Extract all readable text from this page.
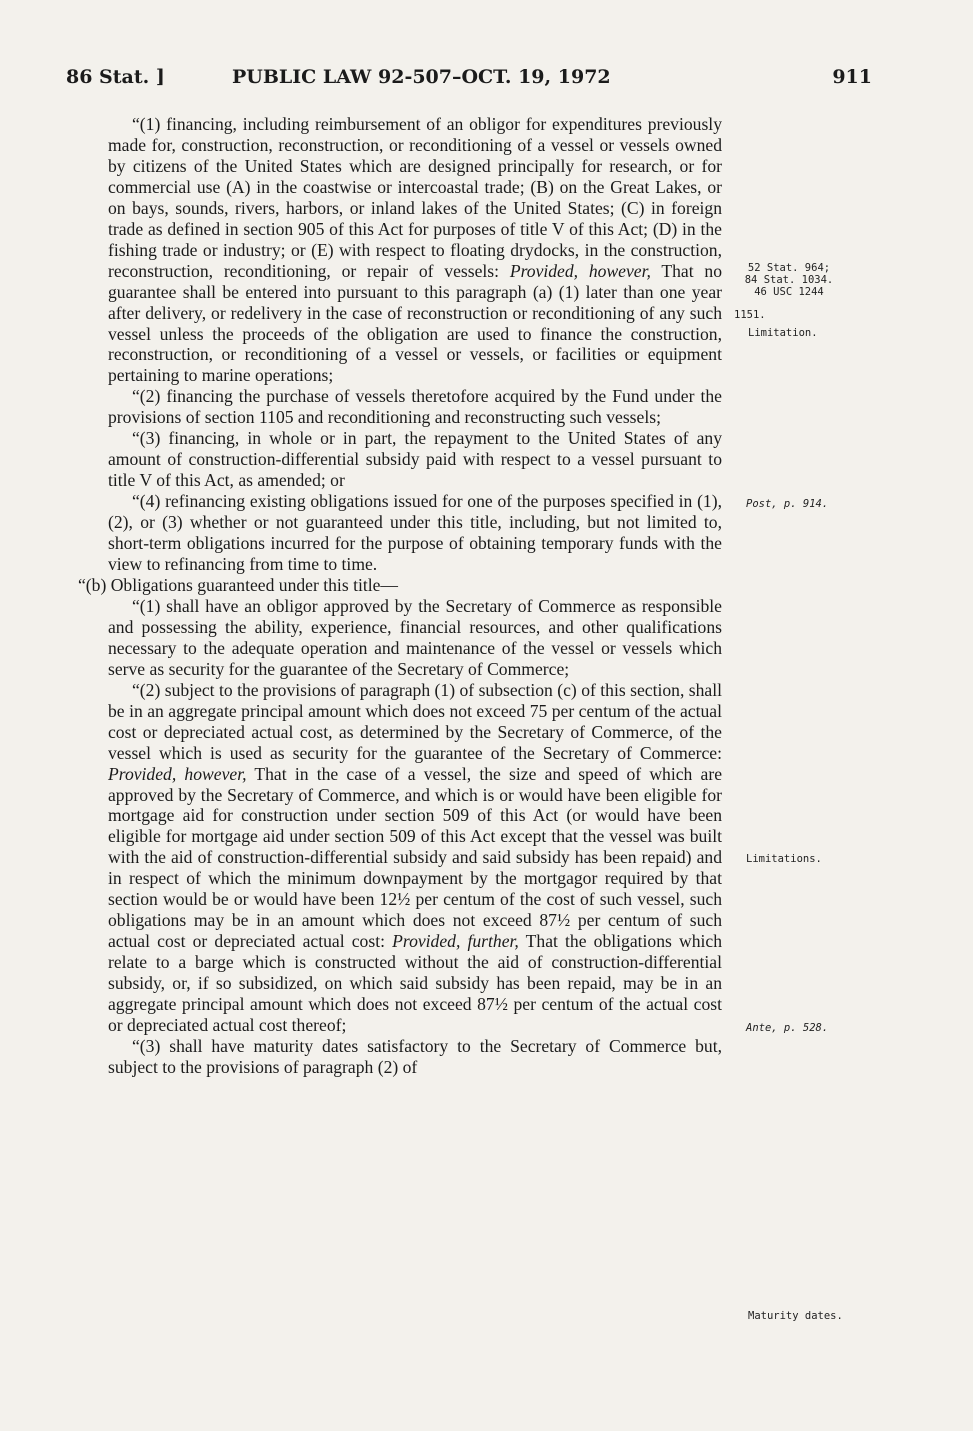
86 Stat. ]	PUBLIC LAW 92-507–OCT. 19, 1972	911

“(1) financing, including reimbursement of an obligor for expenditures previously made for, construction, reconstruction, or reconditioning of a vessel or vessels owned by citizens of the United States which are designed principally for research, or for commercial use (A) in the coastwise or intercoastal trade; (B) on the Great Lakes, or on bays, sounds, rivers, harbors, or inland lakes of the United States; (C) in foreign trade as defined in section 905 of this Act for purposes of title V of this Act; (D) in the fishing trade or industry; or (E) with respect to floating drydocks, in the construction, reconstruction, reconditioning, or repair of vessels: Provided, however, That no guarantee shall be entered into pursuant to this paragraph (a) (1) later than one year after delivery, or redelivery in the case of reconstruction or reconditioning of any such vessel unless the proceeds of the obligation are used to finance the construction, reconstruction, or reconditioning of a vessel or vessels, or facilities or equipment pertaining to marine operations;

“(2) financing the purchase of vessels theretofore acquired by the Fund under the provisions of section 1105 and reconditioning and reconstructing such vessels;

“(3) financing, in whole or in part, the repayment to the United States of any amount of construction-differential subsidy paid with respect to a vessel pursuant to title V of this Act, as amended; or

“(4) refinancing existing obligations issued for one of the purposes specified in (1), (2), or (3) whether or not guaranteed under this title, including, but not limited to, short-term obligations incurred for the purpose of obtaining temporary funds with the view to refinancing from time to time.

“(b) Obligations guaranteed under this title—

“(1) shall have an obligor approved by the Secretary of Commerce as responsible and possessing the ability, experience, financial resources, and other qualifications necessary to the adequate operation and maintenance of the vessel or vessels which serve as security for the guarantee of the Secretary of Commerce;

“(2) subject to the provisions of paragraph (1) of subsection (c) of this section, shall be in an aggregate principal amount which does not exceed 75 per centum of the actual cost or depreciated actual cost, as determined by the Secretary of Commerce, of the vessel which is used as security for the guarantee of the Secretary of Commerce: Provided, however, That in the case of a vessel, the size and speed of which are approved by the Secretary of Commerce, and which is or would have been eligible for mortgage aid for construction under section 509 of this Act (or would have been eligible for mortgage aid under section 509 of this Act except that the vessel was built with the aid of construction-differential subsidy and said subsidy has been repaid) and in respect of which the minimum downpayment by the mortgagor required by that section would be or would have been 12½ per centum of the cost of such vessel, such obligations may be in an amount which does not exceed 87½ per centum of such actual cost or depreciated actual cost: Provided, further, That the obligations which relate to a barge which is constructed without the aid of construction-differential subsidy, or, if so subsidized, on which said subsidy has been repaid, may be in an aggregate principal amount which does not exceed 87½ per centum of the actual cost or depreciated actual cost thereof;

“(3) shall have maturity dates satisfactory to the Secretary of Commerce but, subject to the provisions of paragraph (2) of

52 Stat. 964;
84 Stat. 1034.
46 USC 1244
1151.
Limitation.
Post, p. 914.
Limitations.
Ante, p. 528.
Maturity dates.
